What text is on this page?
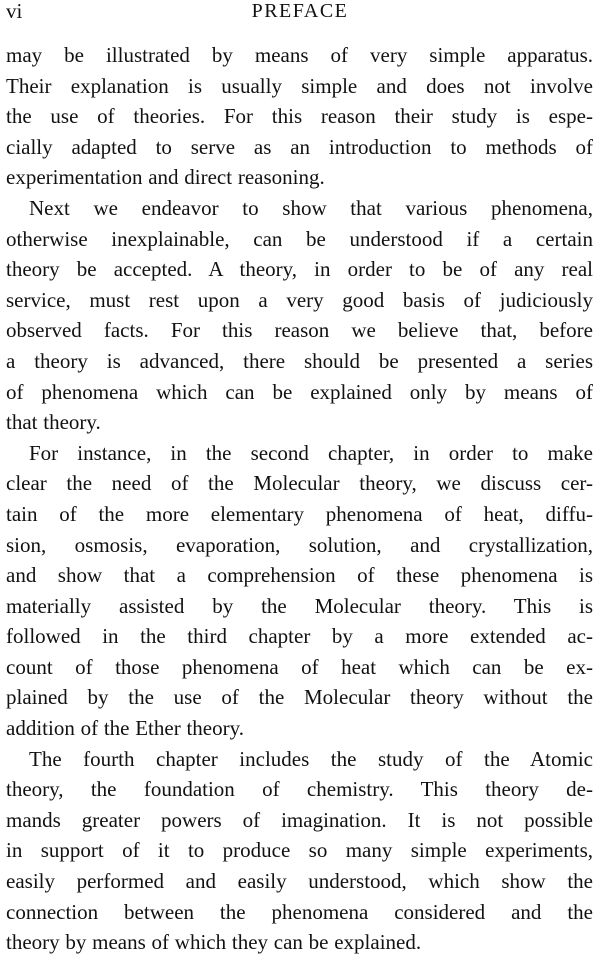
vi	PREFACE
may be illustrated by means of very simple apparatus.
Their explanation is usually simple and does not involve
the use of theories. For this reason their study is espe-
cially adapted to serve as an introduction to methods of
experimentation and direct reasoning.
Next we endeavor to show that various phenomena,
otherwise inexplainable, can be understood if a certain
theory be accepted. A theory, in order to be of any real
service, must rest upon a very good basis of judiciously
observed facts. For this reason we believe that, before
a theory is advanced, there should be presented a series
of phenomena which can be explained only by means of
that theory.
For instance, in the second chapter, in order to make
clear the need of the Molecular theory, we discuss cer-
tain of the more elementary phenomena of heat, diffu-
sion, osmosis, evaporation, solution, and crystallization,
and show that a comprehension of these phenomena is
materially assisted by the Molecular theory. This is
followed in the third chapter by a more extended ac-
count of those phenomena of heat which can be ex-
plained by the use of the Molecular theory without the
addition of the Ether theory.
The fourth chapter includes the study of the Atomic
theory, the foundation of chemistry. This theory de-
mands greater powers of imagination. It is not possible
in support of it to produce so many simple experiments,
easily performed and easily understood, which show the
connection between the phenomena considered and the
theory by means of which they can be explained.
